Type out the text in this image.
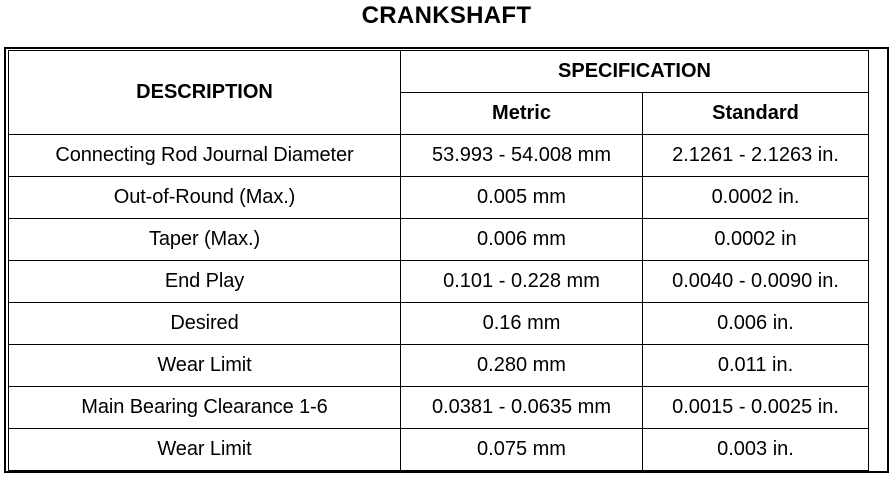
CRANKSHAFT
DESCRIPTION	SPECIFICATION		
	Metric	Standard	
Connecting Rod Journal Diameter	53.993 - 54.008 mm	2.1261 - 2.1263 in.	
Out-of-Round (Max.)	0.005 mm	0.0002 in.	
Taper (Max.)	0.006 mm	0.0002 in	
End Play	0.101 - 0.228 mm	0.0040 - 0.0090 in.	
Desired	0.16 mm	0.006 in.	
Wear Limit	0.280 mm	0.011 in.	
Main Bearing Clearance 1-6	0.0381 - 0.0635 mm	0.0015 - 0.0025 in.	
Wear Limit	0.075 mm	0.003 in.	
